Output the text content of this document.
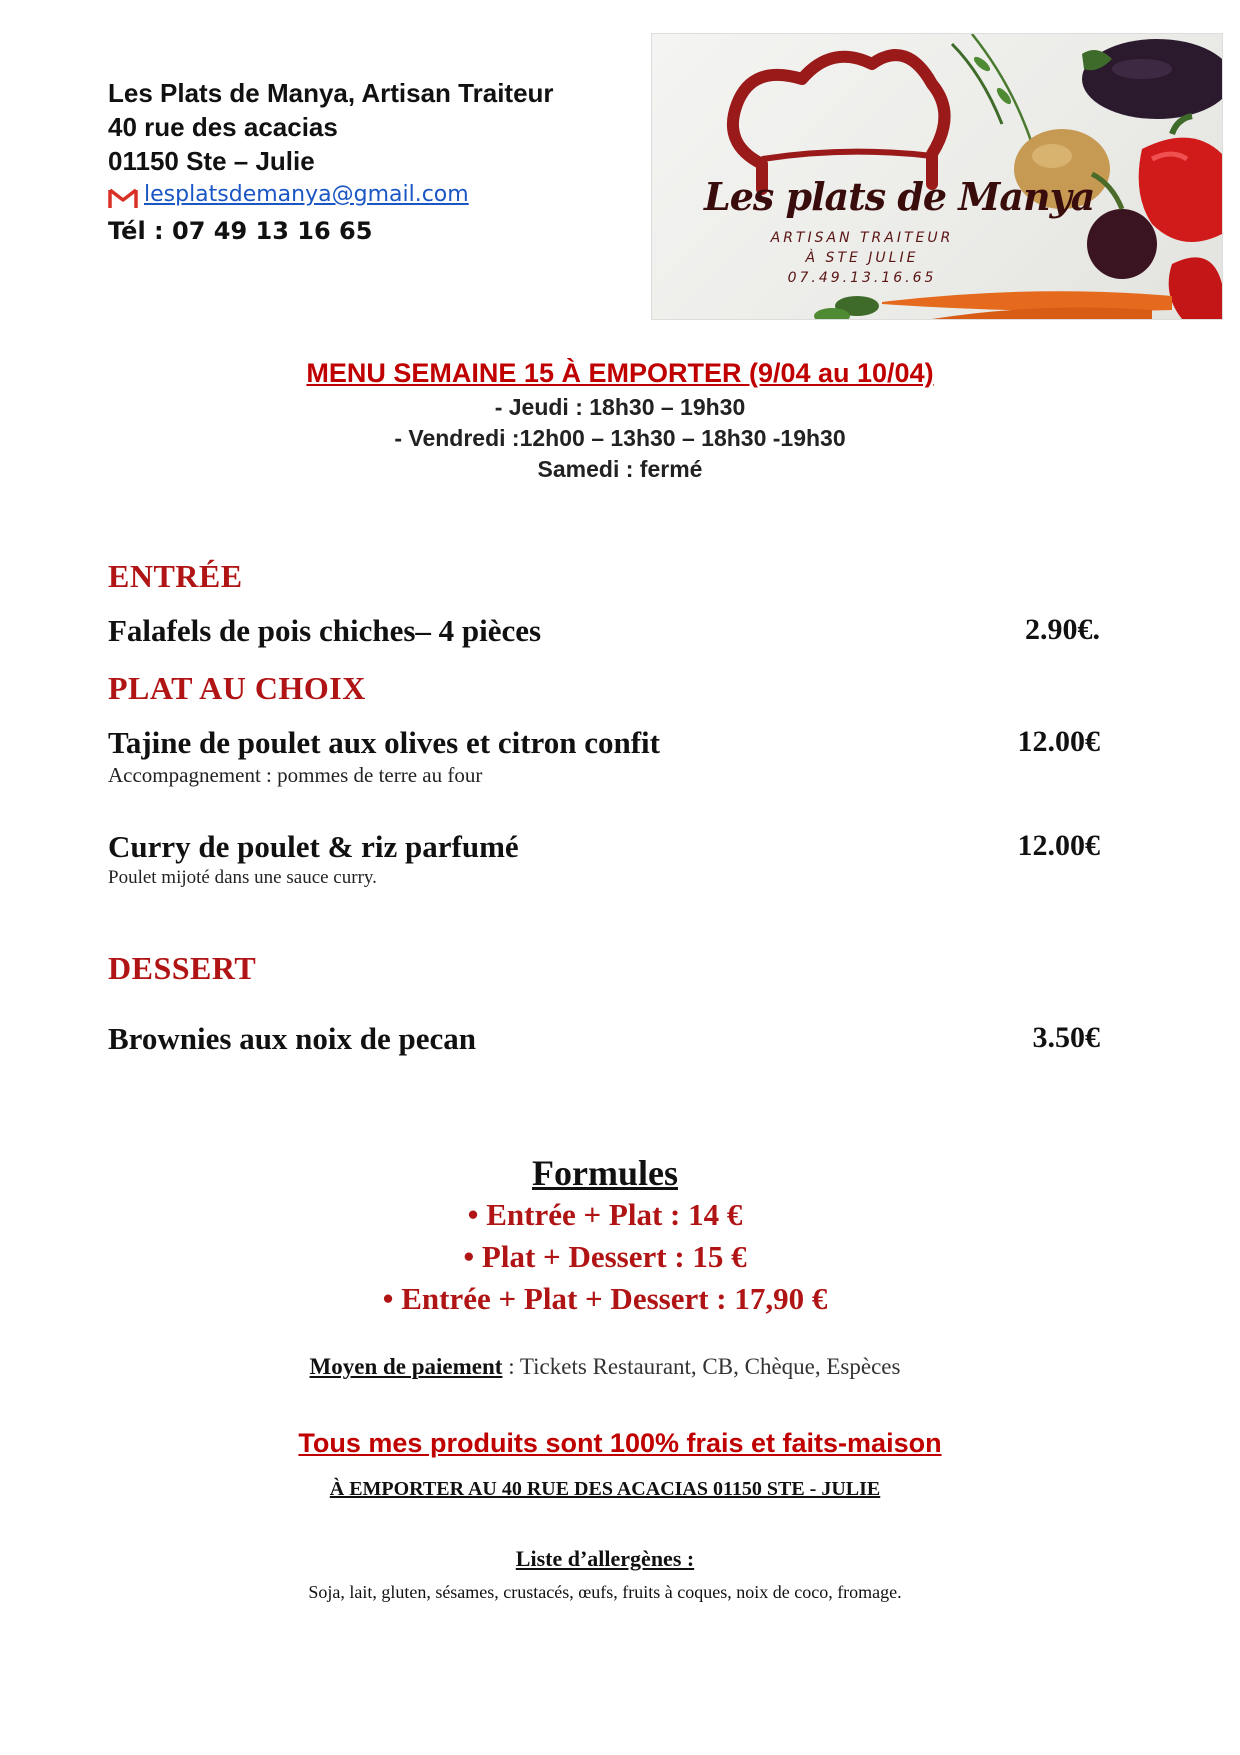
Les Plats de Manya, Artisan Traiteur
40 rue des acacias
01150 Ste – Julie
lesplatsdemanya@gmail.com
Tél : 07 49 13 16 65
Les plats de Manya
ARTISAN TRAITEUR
À STE JULIE
07.49.13.16.65
MENU SEMAINE 15 À EMPORTER (9/04 au 10/04)
- Jeudi : 18h30 – 19h30
- Vendredi :12h00 – 13h30 – 18h30 -19h30
Samedi : fermé
ENTRÉE
Falafels de pois chiches– 4 pièces	2.90€.
PLAT AU CHOIX
Tajine de poulet aux olives et citron confit	12.00€
Accompagnement : pommes de terre au four
Curry de poulet & riz parfumé	12.00€
Poulet mijoté dans une sauce curry.
DESSERT
Brownies aux noix de pecan	3.50€
Formules
• Entrée + Plat : 14 €
• Plat + Dessert : 15 €
• Entrée + Plat + Dessert : 17,90 €
Moyen de paiement : Tickets Restaurant, CB, Chèque, Espèces
Tous mes produits sont 100% frais et faits-maison
À EMPORTER AU 40 RUE DES ACACIAS 01150 STE - JULIE
Liste d’allergènes :
Soja, lait, gluten, sésames, crustacés, œufs, fruits à coques, noix de coco, fromage.
